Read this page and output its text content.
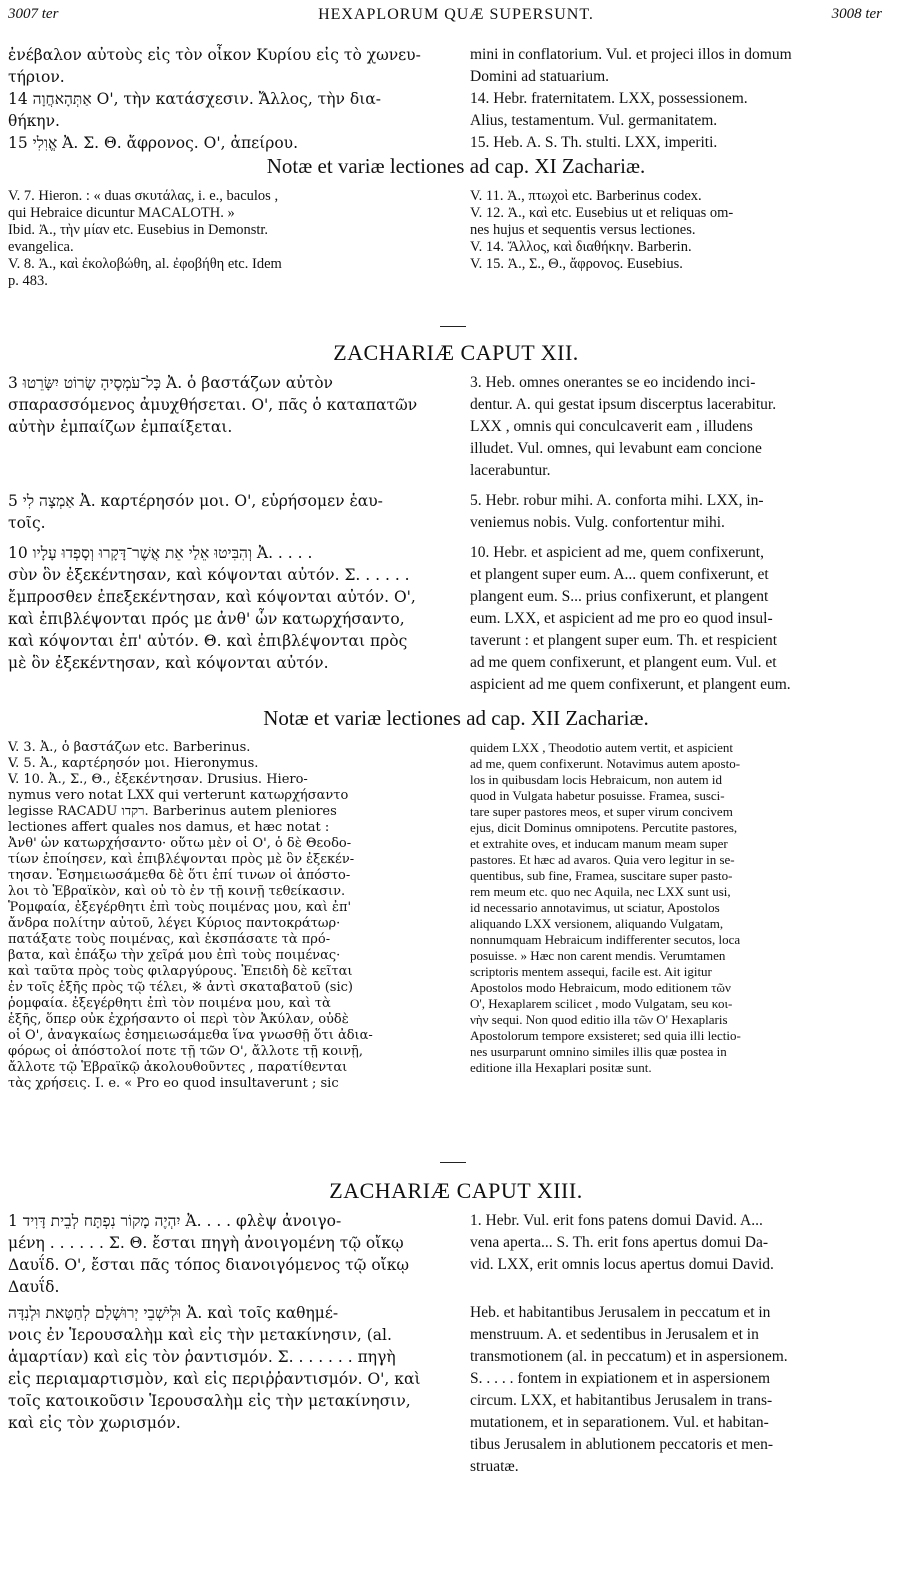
3007 ter	HEXAPLORUM QUÆ SUPERSUNT.	3008 ter

ἐνέβαλον αὐτοὺς εἰς τὸν οἶκον Κυρίου εἰς τὸ χωνευ-

τήριον.

אַתְּהָאחֲוָה 14 Ο', τὴν κατάσχεσιν. Ἄλλος, τὴν δια-

θήκην.

אֱוִלִי 15 Ἀ. Σ. Θ. ἄφρονος. Ο', ἀπείρου.

mini in conflatorium. Vul. et projeci illos in domum

Domini ad statuarium.

14. Hebr. fraternitatem. LXX, possessionem.

Alius, testamentum. Vul. germanitatem.

15. Heb. A. S. Th. stulti. LXX, imperiti.

Notæ et variæ lectiones ad cap. XI Zachariæ.

V. 7. Hieron. : « duas σκυτάλας, i. e., baculos ,

qui Hebraice dicuntur MACALOTH. »

Ibid. Ἀ., τὴν μίαν etc. Eusebius in Demonstr.

evangelica.

V. 8. Ἀ., καὶ ἐκολοβώθη, al. ἐφοβήθη etc. Idem

p. 483.

V. 11. Ἀ., πτωχοὶ etc. Barberinus codex.

V. 12. Ἀ., καὶ etc. Eusebius ut et reliquas om-

nes hujus et sequentis versus lectiones.

V. 14. Ἄλλος, καὶ διαθήκην. Barberin.

V. 15. Ἀ., Σ., Θ., ἄφρονος. Eusebius.

ZACHARIÆ CAPUT XII.

כָּל־עֹמְסֶיהָ שָׂרוֹט יִשָּׂרֵטוּ 3 Ἀ. ὁ βαστάζων αὐτὸν

σπαρασσόμενος ἀμυχθήσεται. Ο', πᾶς ὁ καταπατῶν

αὐτὴν ἐμπαίζων ἐμπαίξεται.

3. Heb. omnes onerantes se eo incidendo inci-

dentur. A. qui gestat ipsum discerptus lacerabitur.

LXX , omnis qui conculcaverit eam , illudens

illudet. Vul. omnes, qui levabunt eam concione

lacerabuntur.

אַמְצָה לִי 5 Ἀ. καρτέρησόν μοι. Ο', εὑρήσομεν ἑαυ-

τοῖς.

5. Hebr. robur mihi. A. conforta mihi. LXX, in-

veniemus nobis. Vulg. confortentur mihi.

וְהִבִּיטוּ אֵלַי אֵת אֲשֶׁר־דָּקָרוּ וְסָפְדוּ עָלָיו 10 Ἀ. . . . .

σὺν ὃν ἐξεκέντησαν, καὶ κόψονται αὐτόν. Σ. . . . . .

ἔμπροσθεν ἐπεξεκέντησαν, καὶ κόψονται αὐτόν. Ο',

καὶ ἐπιβλέψονται πρός με ἀνθ' ὧν κατωρχήσαντο,

καὶ κόψονται ἐπ' αὐτόν. Θ. καὶ ἐπιβλέψονται πρὸς

μὲ ὃν ἐξεκέντησαν, καὶ κόψονται αὐτόν.

10. Hebr. et aspicient ad me, quem confixerunt,

et plangent super eum. A... quem confixerunt, et

plangent eum. S... prius confixerunt, et plangent

eum. LXX, et aspicient ad me pro eo quod insul-

taverunt : et plangent super eum. Th. et respicient

ad me quem confixerunt, et plangent eum. Vul. et

aspicient ad me quem confixerunt, et plangent eum.

Notæ et variæ lectiones ad cap. XII Zachariæ.

V. 3. Ἀ., ὁ βαστάζων etc. Barberinus.

V. 5. Ἀ., καρτέρησόν μοι. Hieronymus.

V. 10. Ἀ., Σ., Θ., ἐξεκέντησαν. Drusius. Hiero-

nymus vero notat LXX qui verterunt κατωρχήσαντο

legisse RACADU רקדו. Barberinus autem pleniores

lectiones affert quales nos damus, et hæc notat :

Ἀνθ' ὧν κατωρχήσαντο· οὕτω μὲν οἱ Ο', ὁ δὲ Θεοδο-

τίων ἐποίησεν, καὶ ἐπιβλέψονται πρὸς μὲ ὃν ἐξεκέν-

τησαν. Ἐσημειωσάμεθα δὲ ὅτι ἐπί τινων οἱ ἀπόστο-

λοι τὸ Ἑβραϊκὸν, καὶ οὐ τὸ ἐν τῇ κοινῇ τεθείκασιν.

Ῥομφαία, ἐξεγέρθητι ἐπὶ τοὺς ποιμένας μου, καὶ ἐπ'

ἄνδρα πολίτην αὐτοῦ, λέγει Κύριος παντοκράτωρ·

πατάξατε τοὺς ποιμένας, καὶ ἐκσπάσατε τὰ πρό-

βατα, καὶ ἐπάξω τὴν χεῖρά μου ἐπὶ τοὺς ποιμένας·

καὶ ταῦτα πρὸς τοὺς φιλαργύρους. Ἐπειδὴ δὲ κεῖται

ἐν τοῖς ἑξῆς πρὸς τῷ τέλει, ※ ἀντὶ σκαταβατοῦ (sic)

ῥομφαία. ἐξεγέρθητι ἐπὶ τὸν ποιμένα μου, καὶ τὰ

ἑξῆς, ὅπερ οὐκ ἐχρήσαντο οἱ περὶ τὸν Ἀκύλαν, οὐδὲ

οἱ Ο', ἀναγκαίως ἐσημειωσάμεθα ἵνα γνωσθῇ ὅτι ἀδια-

φόρως οἱ ἀπόστολοί ποτε τῇ τῶν Ο', ἄλλοτε τῇ κοινῇ,

ἄλλοτε τῷ Ἑβραϊκῷ ἀκολουθοῦντες , παρατίθενται

τὰς χρήσεις. I. e. « Pro eo quod insultaverunt ; sic

quidem LXX , Theodotio autem vertit, et aspicient

ad me, quem confixerunt. Notavimus autem aposto-

los in quibusdam locis Hebraicum, non autem id

quod in Vulgata habetur posuisse. Framea, susci-

tare super pastores meos, et super virum concivem

ejus, dicit Dominus omnipotens. Percutite pastores,

et extrahite oves, et inducam manum meam super

pastores. Et hæc ad avaros. Quia vero legitur in se-

quentibus, sub fine, Framea, suscitare super pasto-

rem meum etc. quo nec Aquila, nec LXX sunt usi,

id necessario annotavimus, ut sciatur, Apostolos

aliquando LXX versionem, aliquando Vulgatam,

nonnumquam Hebraicum indifferenter secutos, loca

posuisse. » Hæc non carent mendis. Verumtamen

scriptoris mentem assequi, facile est. Ait igitur

Apostolos modo Hebraicum, modo editionem τῶν

Ο', Hexaplarem scilicet , modo Vulgatam, seu κοι-

νὴν sequi. Non quod editio illa τῶν Ο' Hexaplaris

Apostolorum tempore exsisteret; sed quia illi lectio-

nes usurparunt omnino similes illis quæ postea in

editione illa Hexaplari positæ sunt.

ZACHARIÆ CAPUT XIII.

יִהְיֶה מָקוֹר נִפְתָּח לְבֵית דָּוִיד 1 Ἀ. . . . φλὲψ ἀνοιγο-

μένη . . . . . . Σ. Θ. ἔσται πηγὴ ἀνοιγομένη τῷ οἴκῳ

Δαυΐδ. Ο', ἔσται πᾶς τόπος διανοιγόμενος τῷ οἴκῳ

Δαυΐδ.

1. Hebr. Vul. erit fons patens domui David. A...

vena aperta... S. Th. erit fons apertus domui Da-

vid. LXX, erit omnis locus apertus domui David.

וּלְיֹשְׁבֵי יְרוּשָׁלַם לְחַטָּאת וּלְנִדָּה Ἀ. καὶ τοῖς καθημέ-

νοις ἐν Ἱερουσαλὴμ καὶ εἰς τὴν μετακίνησιν, (al.

ἁμαρτίαν) καὶ εἰς τὸν ῥαντισμόν. Σ. . . . . . . πηγὴ

εἰς περιαμαρτισμὸν, καὶ εἰς περιῤῥαντισμόν. Ο', καὶ

τοῖς κατοικοῦσιν Ἱερουσαλὴμ εἰς τὴν μετακίνησιν,

καὶ εἰς τὸν χωρισμόν.

Heb. et habitantibus Jerusalem in peccatum et in

menstruum. A. et sedentibus in Jerusalem et in

transmotionem (al. in peccatum) et in aspersionem.

S. . . . . fontem in expiationem et in aspersionem

circum. LXX, et habitantibus Jerusalem in trans-

mutationem, et in separationem. Vul. et habitan-

tibus Jerusalem in ablutionem peccatoris et men-

struatæ.
